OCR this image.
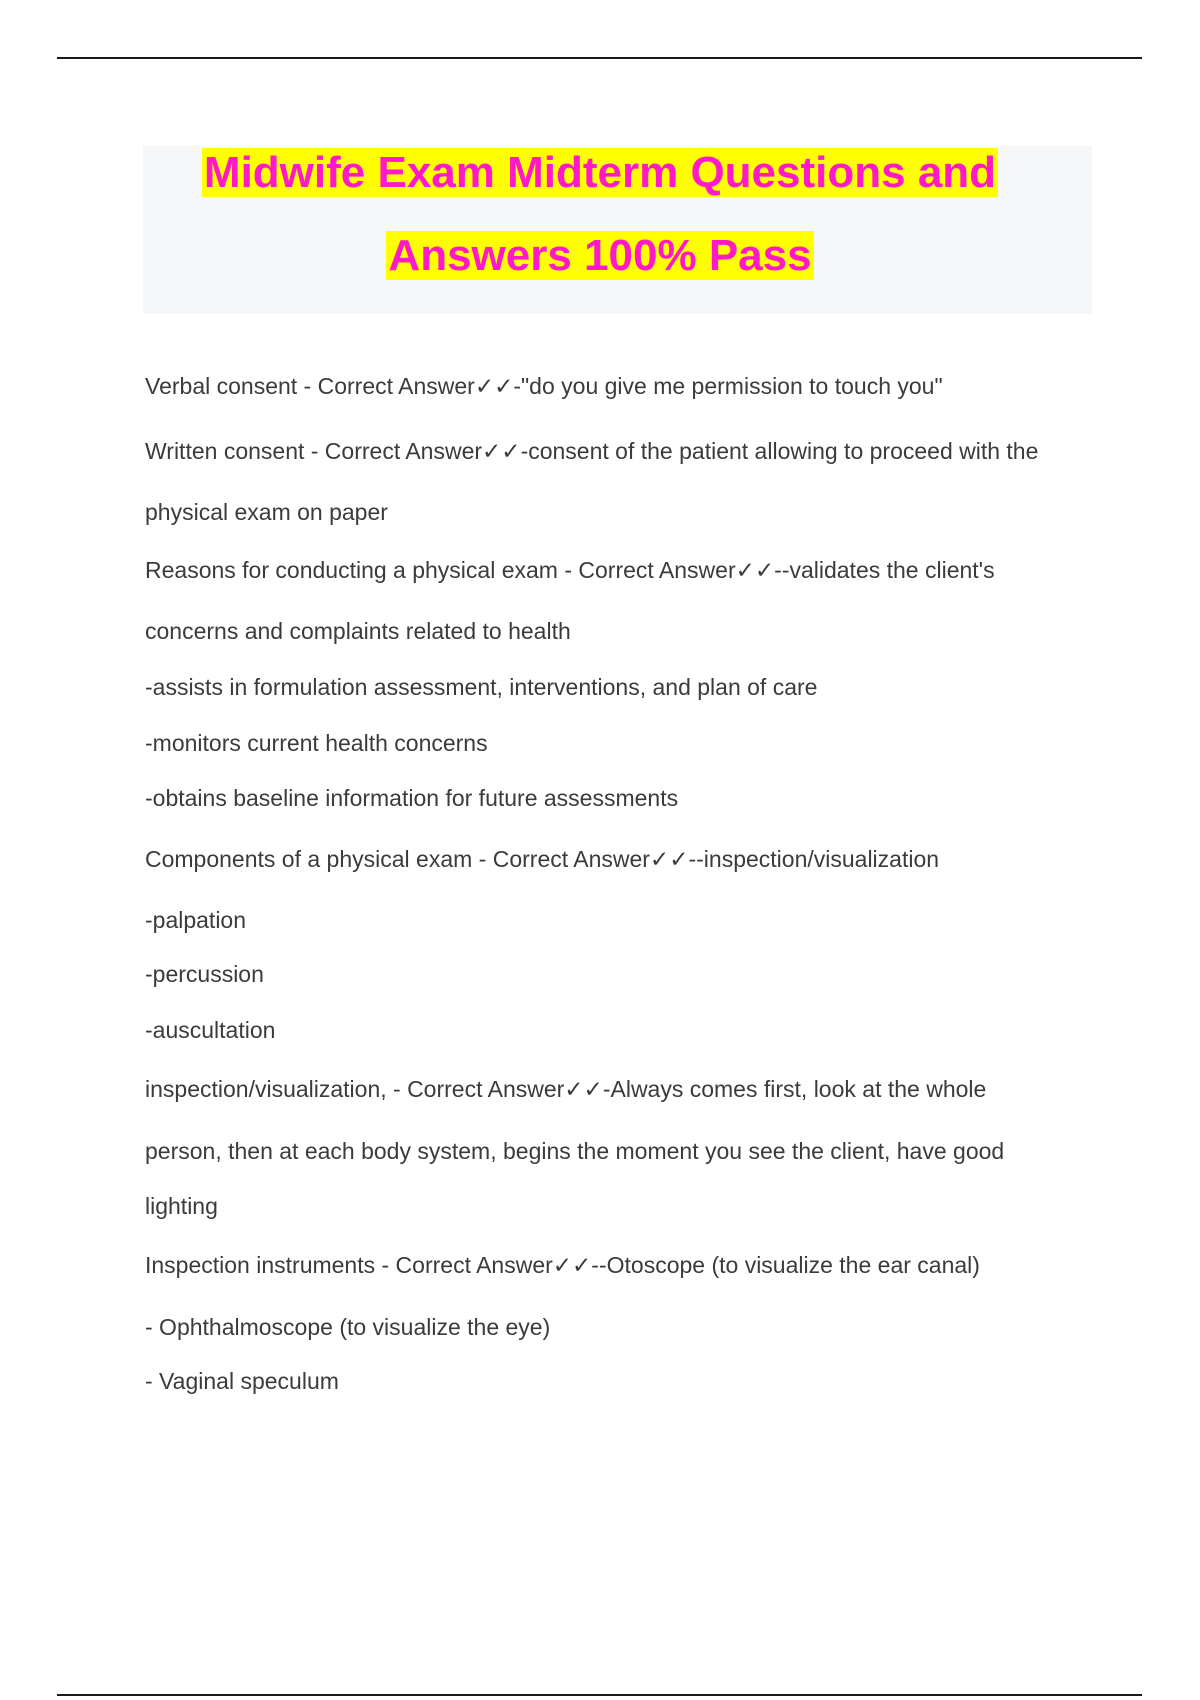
Midwife Exam Midterm Questions and
Answers 100% Pass
Verbal consent - Correct Answer✓✓-"do you give me permission to touch you"
Written consent - Correct Answer✓✓-consent of the patient allowing to proceed with the
physical exam on paper
Reasons for conducting a physical exam - Correct Answer✓✓--validates the client's
concerns and complaints related to health
-assists in formulation assessment, interventions, and plan of care
-monitors current health concerns
-obtains baseline information for future assessments
Components of a physical exam - Correct Answer✓✓--inspection/visualization
-palpation
-percussion
-auscultation
inspection/visualization, - Correct Answer✓✓-Always comes first, look at the whole
person, then at each body system, begins the moment you see the client, have good
lighting
Inspection instruments - Correct Answer✓✓--Otoscope (to visualize the ear canal)
- Ophthalmoscope (to visualize the eye)
- Vaginal speculum
